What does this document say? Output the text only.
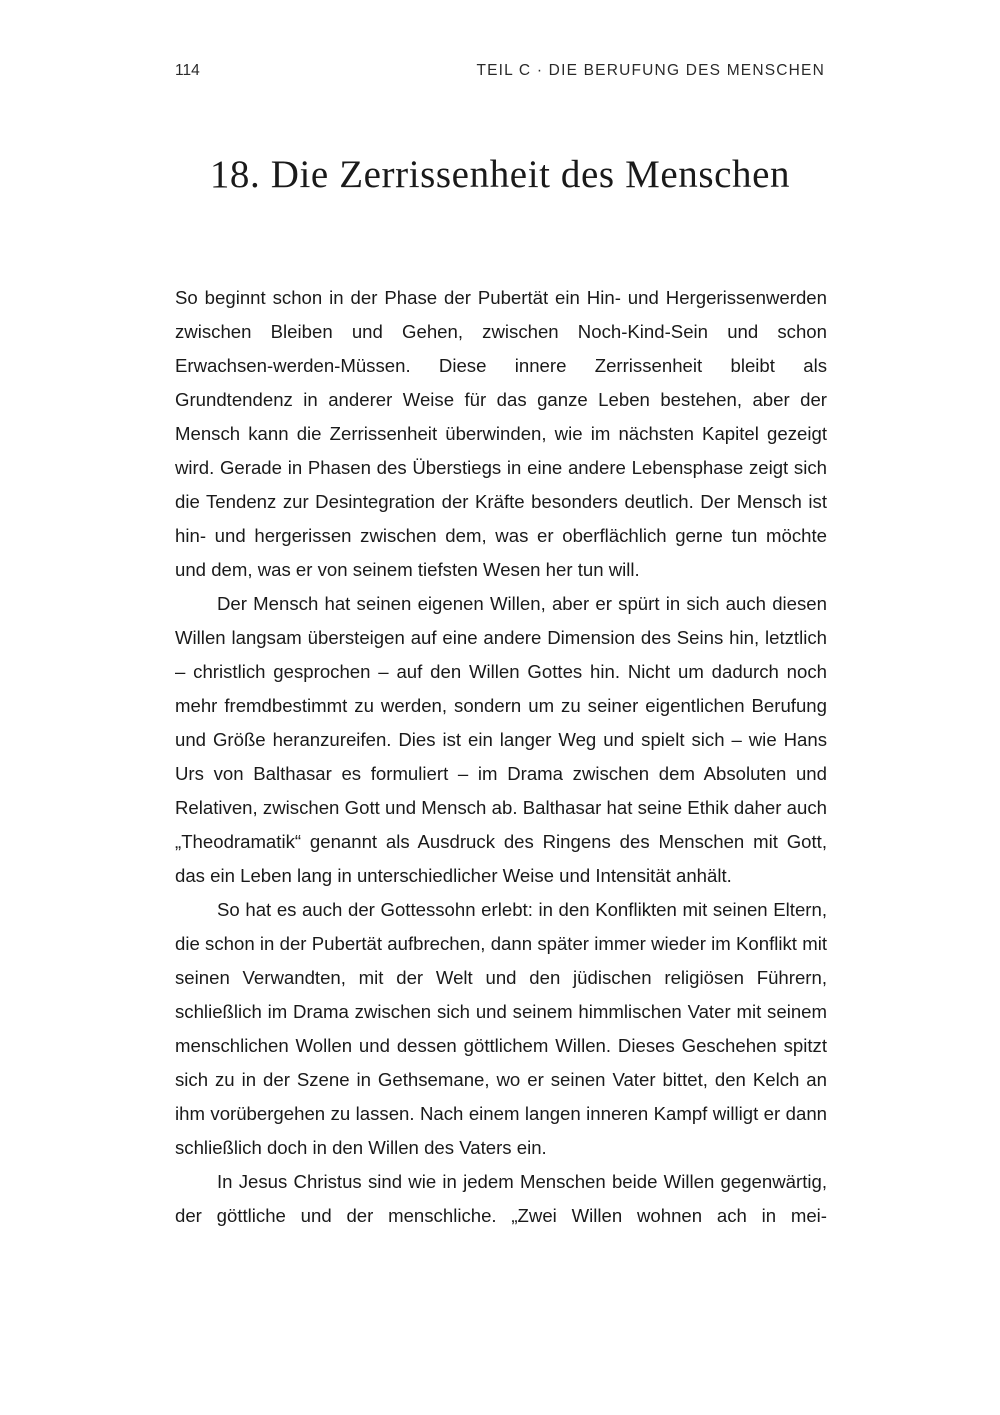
114	TEIL C · DIE BERUFUNG DES MENSCHEN
18. Die Zerrissenheit des Menschen

So beginnt schon in der Phase der Pubertät ein Hin- und Hergerissenwerden zwischen Bleiben und Gehen, zwischen Noch-Kind-Sein und schon Erwachsen-werden-Müssen. Diese innere Zerrissenheit bleibt als Grundtendenz in anderer Weise für das ganze Leben bestehen, aber der Mensch kann die Zerrissenheit überwinden, wie im nächsten Kapitel gezeigt wird. Gerade in Phasen des Überstiegs in eine andere Lebensphase zeigt sich die Tendenz zur Desintegration der Kräfte besonders deutlich. Der Mensch ist hin- und hergerissen zwischen dem, was er oberflächlich gerne tun möchte und dem, was er von seinem tiefsten Wesen her tun will.

Der Mensch hat seinen eigenen Willen, aber er spürt in sich auch diesen Willen langsam übersteigen auf eine andere Dimension des Seins hin, letztlich – christlich gesprochen – auf den Willen Gottes hin. Nicht um dadurch noch mehr fremdbestimmt zu werden, sondern um zu seiner eigentlichen Berufung und Größe heranzureifen. Dies ist ein langer Weg und spielt sich – wie Hans Urs von Balthasar es formuliert – im Drama zwischen dem Absoluten und Relativen, zwischen Gott und Mensch ab. Balthasar hat seine Ethik daher auch „Theodramatik“ genannt als Ausdruck des Ringens des Menschen mit Gott, das ein Leben lang in unterschiedlicher Weise und Intensität anhält.

So hat es auch der Gottessohn erlebt: in den Konflikten mit seinen Eltern, die schon in der Pubertät aufbrechen, dann später immer wieder im Konflikt mit seinen Verwandten, mit der Welt und den jüdischen religiösen Führern, schließlich im Drama zwischen sich und seinem himmlischen Vater mit seinem menschlichen Wollen und dessen göttlichem Willen. Dieses Geschehen spitzt sich zu in der Szene in Gethsemane, wo er seinen Vater bittet, den Kelch an ihm vorübergehen zu lassen. Nach einem langen inneren Kampf willigt er dann schließlich doch in den Willen des Vaters ein.

In Jesus Christus sind wie in jedem Menschen beide Willen gegenwärtig, der göttliche und der menschliche. „Zwei Willen wohnen ach in mei-
